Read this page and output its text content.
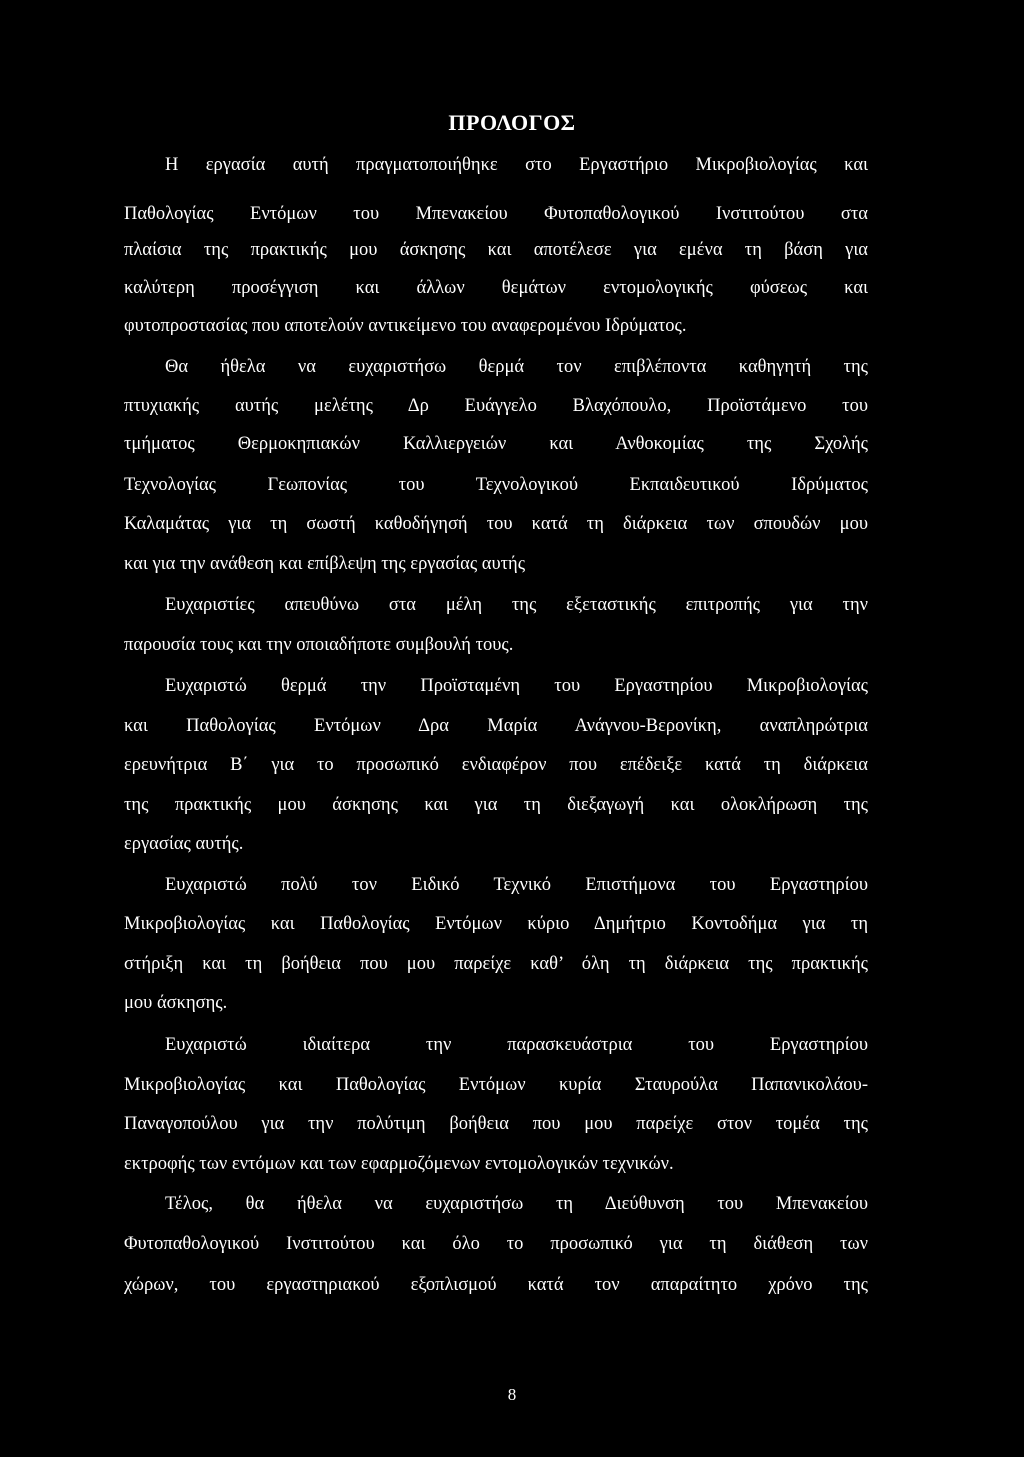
ΠΡΟΛΟΓΟΣ
Η εργασία αυτή πραγματοποιήθηκε στο Εργαστήριο Μικροβιολογίας και
Παθολογίας Εντόμων του Μπενακείου Φυτοπαθολογικού Ινστιτούτου στα
πλαίσια της πρακτικής μου άσκησης και αποτέλεσε για εμένα τη βάση για
καλύτερη προσέγγιση και άλλων θεμάτων εντομολογικής φύσεως και
φυτοπροστασίας που αποτελούν αντικείμενο του αναφερομένου Ιδρύματος.
Θα ήθελα να ευχαριστήσω θερμά τον επιβλέποντα καθηγητή της
πτυχιακής αυτής μελέτης Δρ Ευάγγελο Βλαχόπουλο, Προϊστάμενο του
τμήματος Θερμοκηπιακών Καλλιεργειών και Ανθοκομίας της Σχολής
Τεχνολογίας Γεωπονίας του Τεχνολογικού Εκπαιδευτικού Ιδρύματος
Καλαμάτας για τη σωστή καθοδήγησή του κατά τη διάρκεια των σπουδών μου
και για την ανάθεση και επίβλεψη της εργασίας αυτής
Ευχαριστίες απευθύνω στα μέλη της εξεταστικής επιτροπής για την
παρουσία τους και την οποιαδήποτε συμβουλή τους.
Ευχαριστώ θερμά την Προϊσταμένη του Εργαστηρίου Μικροβιολογίας
και Παθολογίας Εντόμων Δρα Μαρία Ανάγνου-Βερονίκη, αναπληρώτρια
ερευνήτρια Β΄ για το προσωπικό ενδιαφέρον που επέδειξε κατά τη διάρκεια
της πρακτικής μου άσκησης και για τη διεξαγωγή και ολοκλήρωση της
εργασίας αυτής.
Ευχαριστώ πολύ τον Ειδικό Τεχνικό Επιστήμονα του Εργαστηρίου
Μικροβιολογίας και Παθολογίας Εντόμων κύριο Δημήτριο Κοντοδήμα για τη
στήριξη και τη βοήθεια που μου παρείχε καθ’ όλη τη διάρκεια της πρακτικής
μου άσκησης.
Ευχαριστώ ιδιαίτερα την παρασκευάστρια του Εργαστηρίου
Μικροβιολογίας και Παθολογίας Εντόμων κυρία Σταυρούλα Παπανικολάου-
Παναγοπούλου για την πολύτιμη βοήθεια που μου παρείχε στον τομέα της
εκτροφής των εντόμων και των εφαρμοζόμενων εντομολογικών τεχνικών.
Τέλος, θα ήθελα να ευχαριστήσω τη Διεύθυνση του Μπενακείου
Φυτοπαθολογικού Ινστιτούτου και όλο το προσωπικό για τη διάθεση των
χώρων, του εργαστηριακού εξοπλισμού κατά τον απαραίτητο χρόνο της
8
